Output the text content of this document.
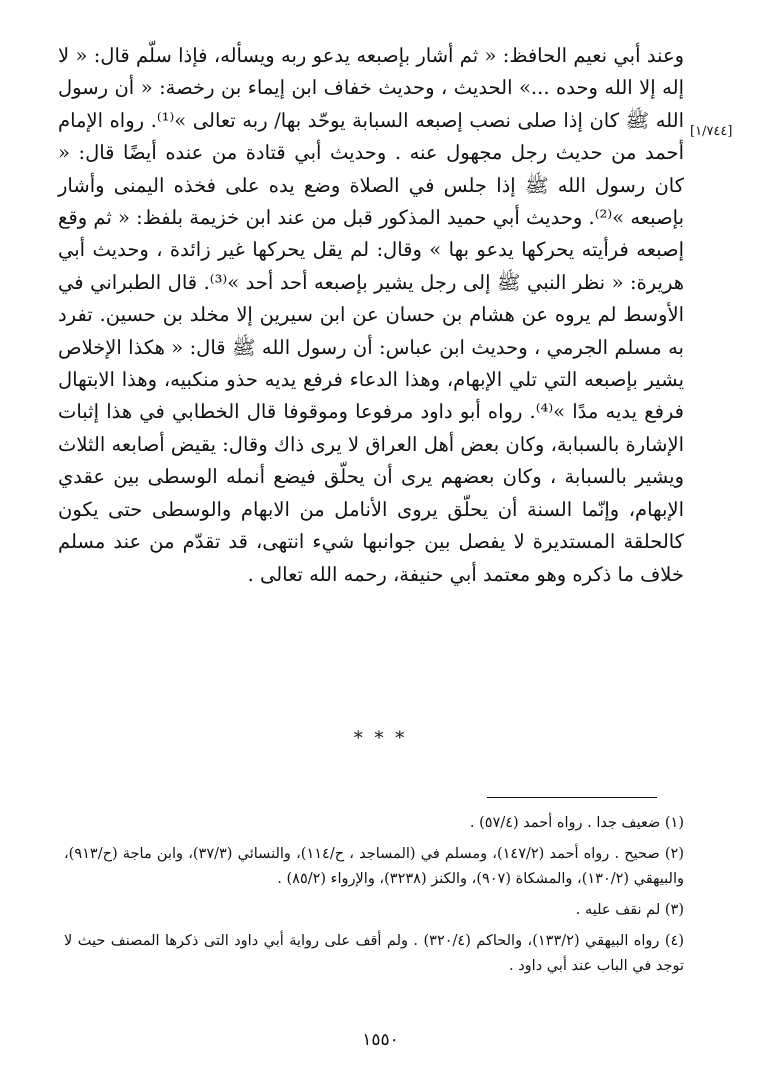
[١/٧٤٤]

وعند أبي نعيم الحافظ: « ثم أشار بإصبعه يدعو ربه ويسأله، فإذا سلّم قال: « لا إله إلا الله وحده ...» الحديث ، وحديث خفاف ابن إيماء بن رخصة: « أن رسول الله ﷺ كان إذا صلى نصب إصبعه السبابة يوحّد بها/ ربه تعالى »⁽¹⁾. رواه الإمام أحمد من حديث رجل مجهول عنه . وحديث أبي قتادة من عنده أيضًا قال: « كان رسول الله ﷺ إذا جلس في الصلاة وضع يده على فخذه اليمنى وأشار بإصبعه »⁽²⁾. وحديث أبي حميد المذكور قبل من عند ابن خزيمة بلفظ: « ثم وقع إصبعه فرأيته يحركها يدعو بها » وقال: لم يقل يحركها غير زائدة ، وحديث أبي هريرة: « نظر النبي ﷺ إلى رجل يشير بإصبعه أحد أحد »⁽³⁾. قال الطبراني في الأوسط لم يروه عن هشام بن حسان عن ابن سيرين إلا مخلد بن حسين. تفرد به مسلم الجرمي ، وحديث ابن عباس: أن رسول الله ﷺ قال: « هكذا الإخلاص يشير بإصبعه التي تلي الإبهام، وهذا الدعاء فرفع يديه حذو منكبيه، وهذا الابتهال فرفع يديه مدًا »⁽⁴⁾. رواه أبو داود مرفوعا وموقوفا قال الخطابي في هذا إثبات الإشارة بالسبابة، وكان بعض أهل العراق لا يرى ذاك وقال: يقيض أصابعه الثلاث ويشير بالسبابة ، وكان بعضهم يرى أن يحلّق فيضع أنمله الوسطى بين عقدي الإبهام، وإنّما السنة أن يحلّق يروى الأنامل من الابهام والوسطى حتى يكون كالحلقة المستديرة لا يفصل بين جوانبها شيء انتهى، قد تقدّم من عند مسلم خلاف ما ذكره وهو معتمد أبي حنيفة، رحمه الله تعالى .

* * *

(١) ضعيف جدا . رواه أحمد (٥٧/٤) .

(٢) صحيح . رواه أحمد (١٤٧/٢)، ومسلم في (المساجد ، ح/١١٤)، والنسائي (٣٧/٣)، وابن ماجة (ح/٩١٣)، والبيهقي (١٣٠/٢)، والمشكاة (٩٠٧)، والكنز (٣٢٣٨)، والإرواء (٨٥/٢) .

(٣) لم نقف عليه .

(٤) رواه البيهقي (١٣٣/٢)، والحاكم (٣٢٠/٤) . ولم أقف على رواية أبي داود التى ذكرها المصنف حيث لا توجد في الباب عند أبي داود .

١٥٥٠
